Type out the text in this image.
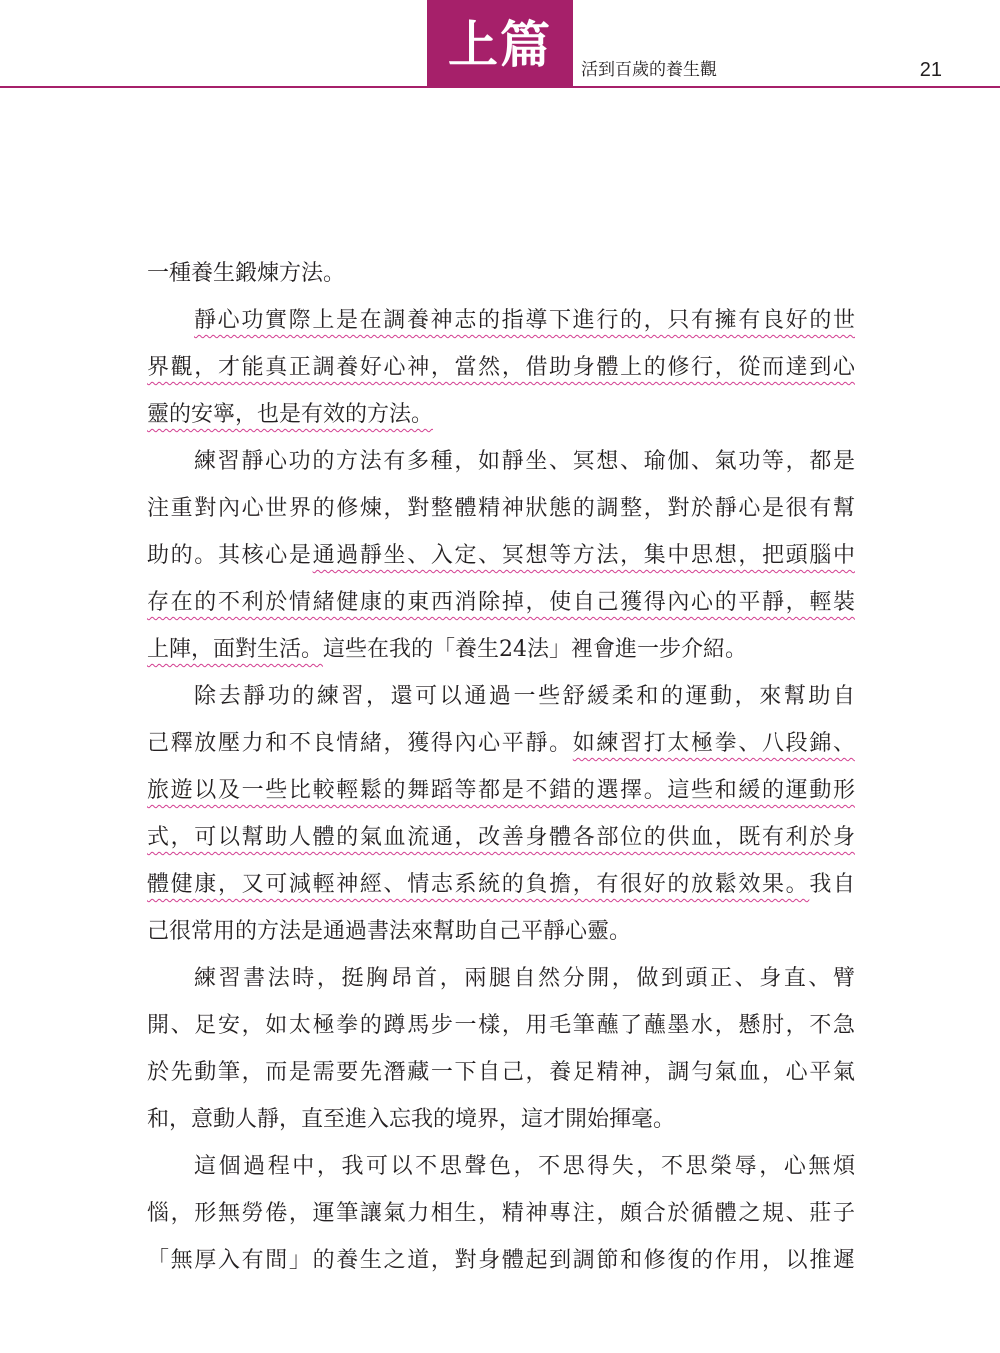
上篇	活到百歲的養生觀	21
一種養生鍛煉方法。
靜心功實際上是在調養神志的指導下進行的，只有擁有良好的世
界觀，才能真正調養好心神，當然，借助身體上的修行，從而達到心
靈的安寧，也是有效的方法。
練習靜心功的方法有多種，如靜坐、冥想、瑜伽、氣功等，都是
注重對內心世界的修煉，對整體精神狀態的調整，對於靜心是很有幫
助的。其核心是通過靜坐、入定、冥想等方法，集中思想，把頭腦中
存在的不利於情緒健康的東西消除掉，使自己獲得內心的平靜，輕裝
上陣，面對生活。這些在我的「養生24法」裡會進一步介紹。
除去靜功的練習，還可以通過一些舒緩柔和的運動，來幫助自
己釋放壓力和不良情緒，獲得內心平靜。如練習打太極拳、八段錦、
旅遊以及一些比較輕鬆的舞蹈等都是不錯的選擇。這些和緩的運動形
式，可以幫助人體的氣血流通，改善身體各部位的供血，既有利於身
體健康，又可減輕神經、情志系統的負擔，有很好的放鬆效果。我自
己很常用的方法是通過書法來幫助自己平靜心靈。
練習書法時，挺胸昂首，兩腿自然分開，做到頭正、身直、臂
開、足安，如太極拳的蹲馬步一樣，用毛筆蘸了蘸墨水，懸肘，不急
於先動筆，而是需要先潛藏一下自己，養足精神，調勻氣血，心平氣
和，意動人靜，直至進入忘我的境界，這才開始揮毫。
這個過程中，我可以不思聲色，不思得失，不思榮辱，心無煩
惱，形無勞倦，運筆讓氣力相生，精神專注，頗合於循體之規、莊子
「無厚入有間」的養生之道，對身體起到調節和修復的作用，以推遲
